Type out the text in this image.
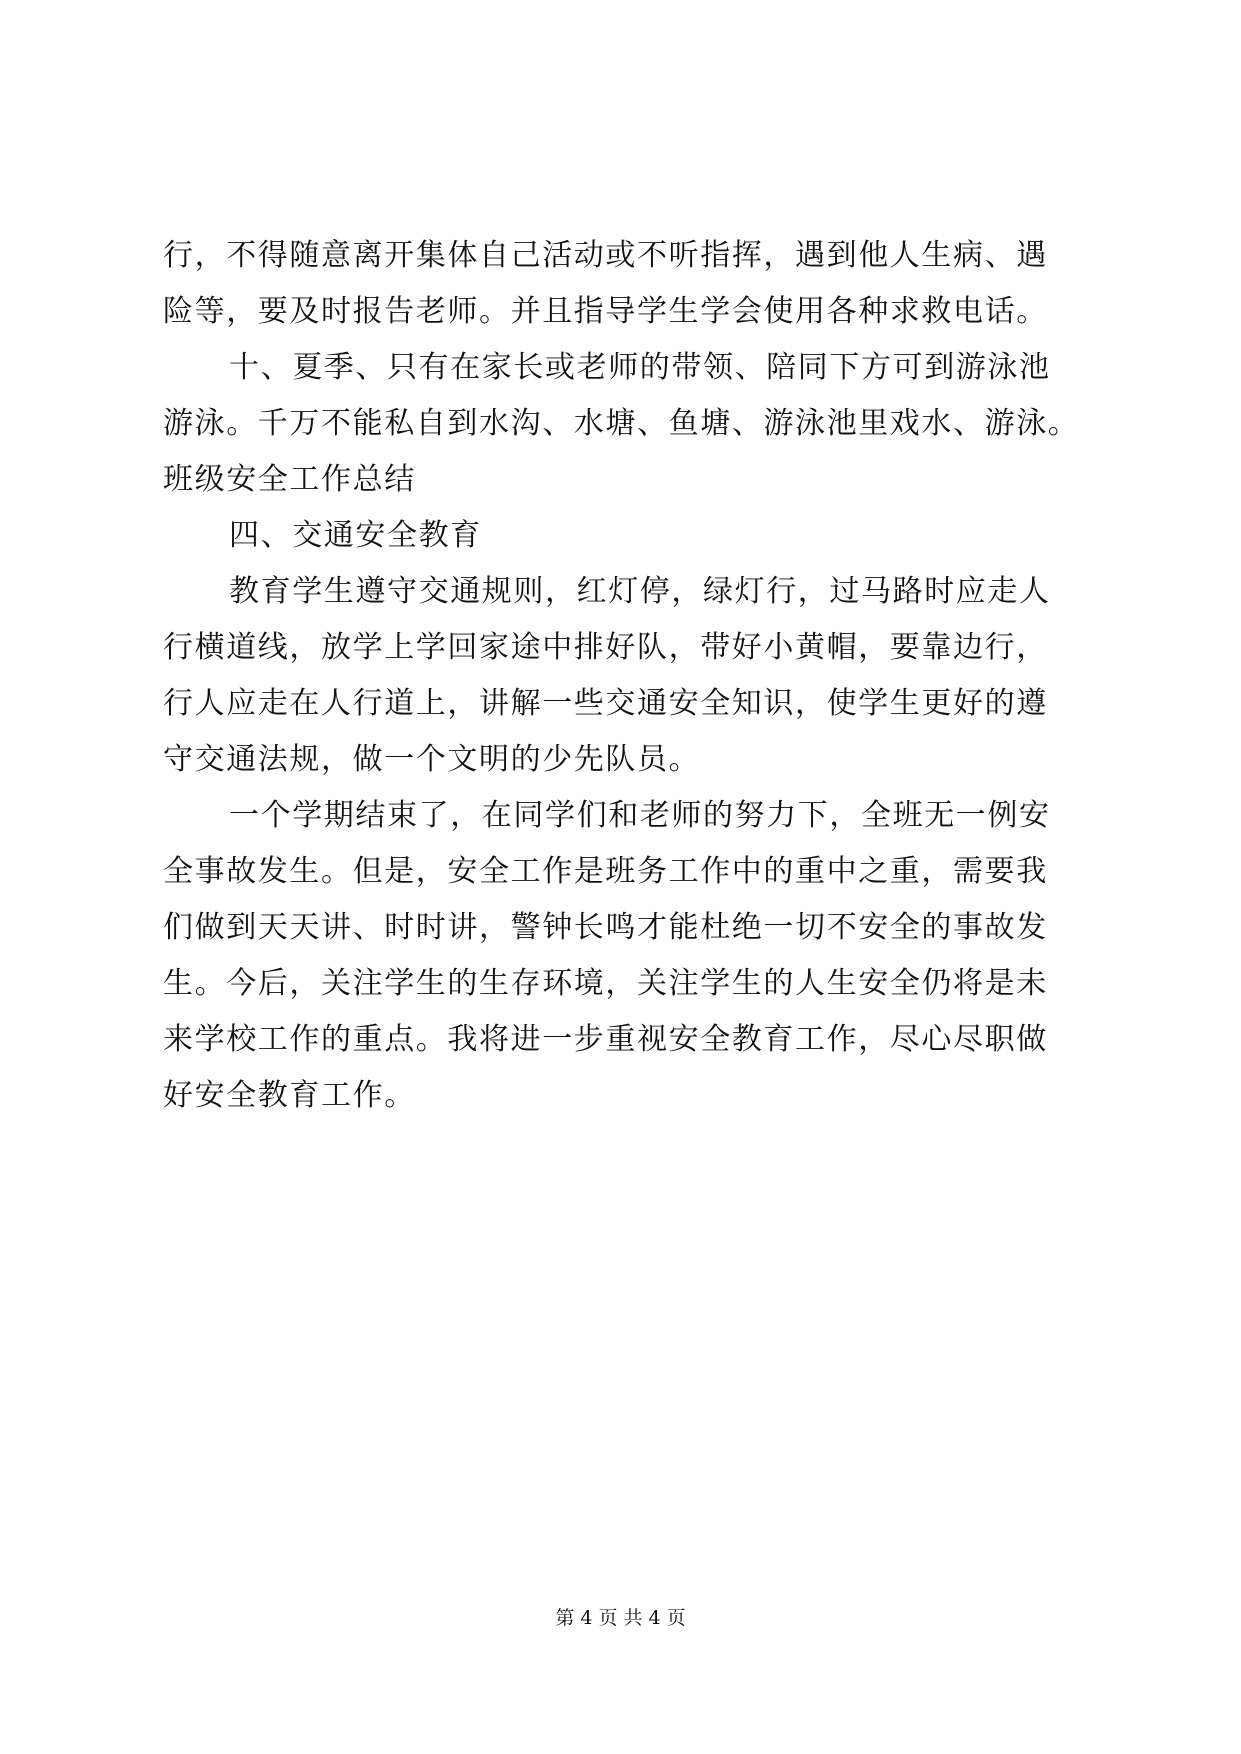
行，不得随意离开集体自己活动或不听指挥，遇到他人生病、遇
险等，要及时报告老师。并且指导学生学会使用各种求救电话。
十、夏季、只有在家长或老师的带领、陪同下方可到游泳池
游泳。千万不能私自到水沟、水塘、鱼塘、游泳池里戏水、游泳。
班级安全工作总结
四、交通安全教育
教育学生遵守交通规则，红灯停，绿灯行，过马路时应走人
行横道线，放学上学回家途中排好队，带好小黄帽，要靠边行，
行人应走在人行道上，讲解一些交通安全知识，使学生更好的遵
守交通法规，做一个文明的少先队员。
一个学期结束了，在同学们和老师的努力下，全班无一例安
全事故发生。但是，安全工作是班务工作中的重中之重，需要我
们做到天天讲、时时讲，警钟长鸣才能杜绝一切不安全的事故发
生。今后，关注学生的生存环境，关注学生的人生安全仍将是未
来学校工作的重点。我将进一步重视安全教育工作，尽心尽职做
好安全教育工作。
第 4 页 共 4 页
